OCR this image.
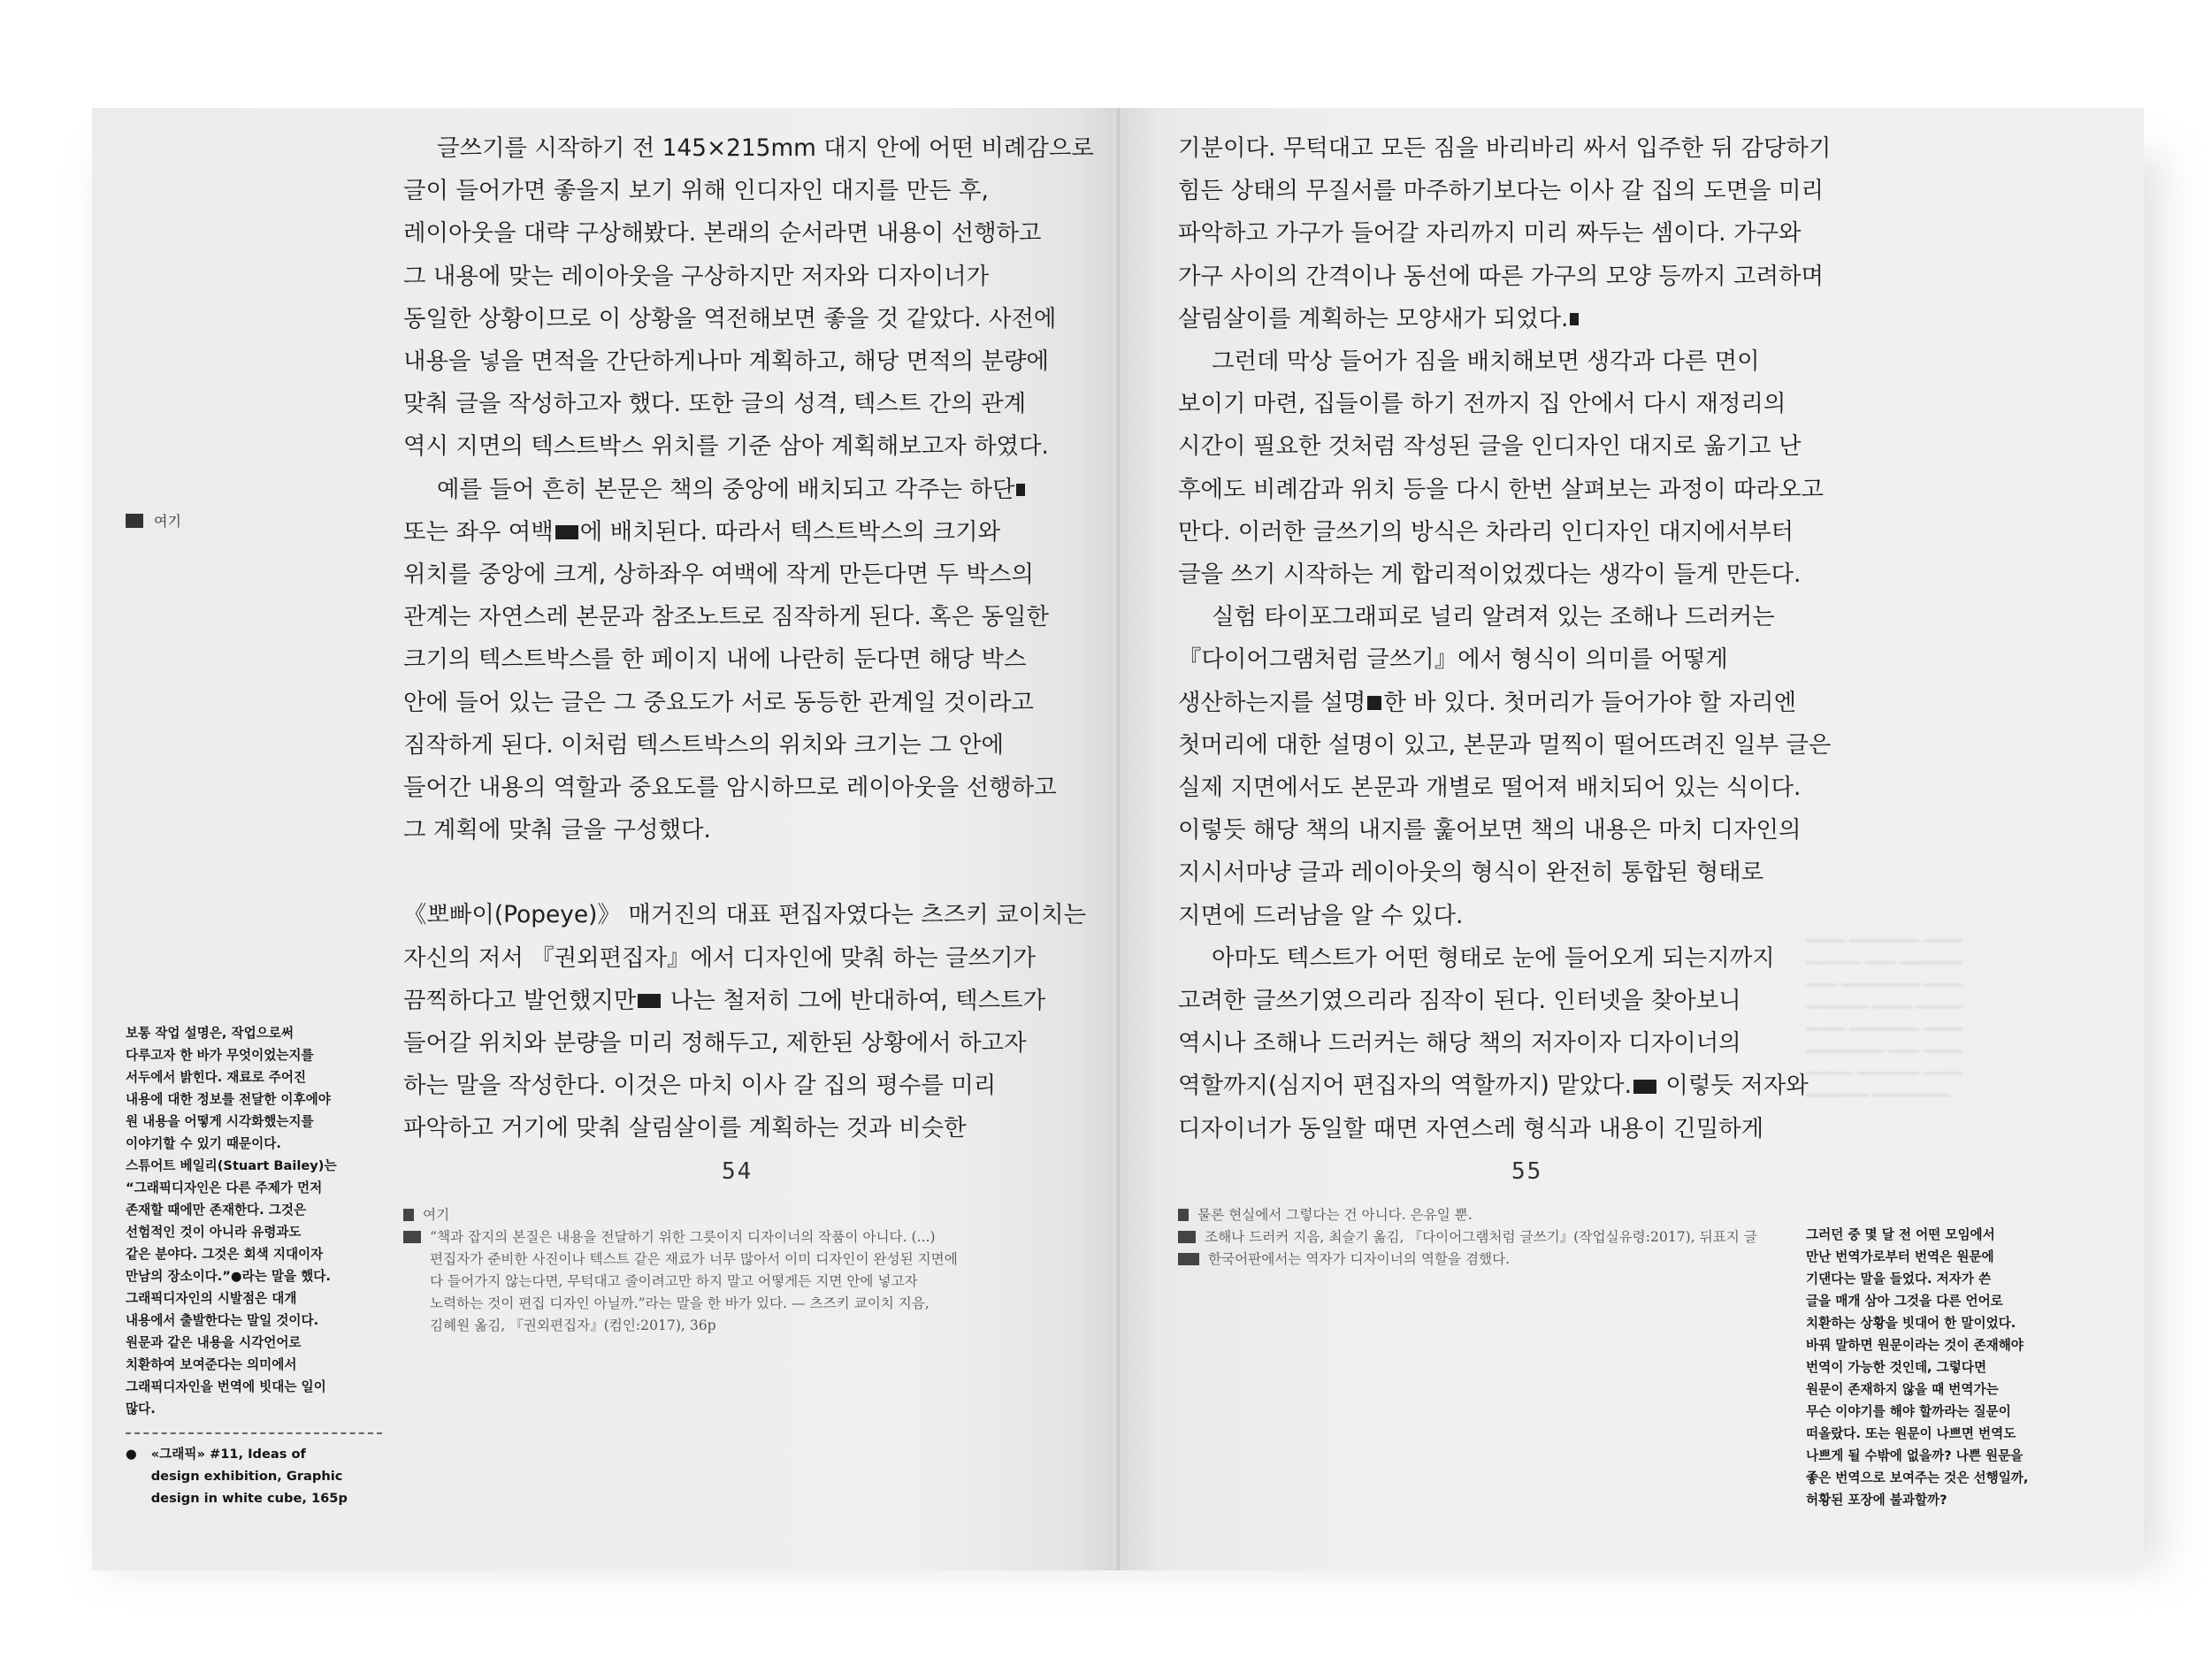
여기

글쓰기를 시작하기 전 145×215mm 대지 안에 어떤 비례감으로

글이 들어가면 좋을지 보기 위해 인디자인 대지를 만든 후,

레이아웃을 대략 구상해봤다. 본래의 순서라면 내용이 선행하고

그 내용에 맞는 레이아웃을 구상하지만 저자와 디자이너가

동일한 상황이므로 이 상황을 역전해보면 좋을 것 같았다. 사전에

내용을 넣을 면적을 간단하게나마 계획하고, 해당 면적의 분량에

맞춰 글을 작성하고자 했다. 또한 글의 성격, 텍스트 간의 관계

역시 지면의 텍스트박스 위치를 기준 삼아 계획해보고자 하였다.

예를 들어 흔히 본문은 책의 중앙에 배치되고 각주는 하단

또는 좌우 여백 에 배치된다. 따라서 텍스트박스의 크기와

위치를 중앙에 크게, 상하좌우 여백에 작게 만든다면 두 박스의

관계는 자연스레 본문과 참조노트로 짐작하게 된다. 혹은 동일한

크기의 텍스트박스를 한 페이지 내에 나란히 둔다면 해당 박스

안에 들어 있는 글은 그 중요도가 서로 동등한 관계일 것이라고

짐작하게 된다. 이처럼 텍스트박스의 위치와 크기는 그 안에

들어간 내용의 역할과 중요도를 암시하므로 레이아웃을 선행하고

그 계획에 맞춰 글을 구성했다.

《뽀빠이(Popeye)》 매거진의 대표 편집자였다는 츠즈키 쿄이치는

자신의 저서 『권외편집자』에서 디자인에 맞춰 하는 글쓰기가

끔찍하다고 발언했지만 나는 철저히 그에 반대하여, 텍스트가

들어갈 위치와 분량을 미리 정해두고, 제한된 상황에서 하고자

하는 말을 작성한다. 이것은 마치 이사 갈 집의 평수를 미리

파악하고 거기에 맞춰 살림살이를 계획하는 것과 비슷한

54
여기
“책과 잡지의 본질은 내용을 전달하기 위한 그릇이지 디자이너의 작품이 아니다. (...)
편집자가 준비한 사진이나 텍스트 같은 재료가 너무 많아서 이미 디자인이 완성된 지면에
다 들어가지 않는다면, 무턱대고 줄이려고만 하지 말고 어떻게든 지면 안에 넣고자
노력하는 것이 편집 디자인 아닐까.”라는 말을 한 바가 있다. — 츠즈키 쿄이치 지음,
김혜원 옮김, 『권외편집자』(컴인:2017), 36p

보통 작업 설명은, 작업으로써

다루고자 한 바가 무엇이었는지를

서두에서 밝힌다. 재료로 주어진

내용에 대한 정보를 전달한 이후에야

원 내용을 어떻게 시각화했는지를

이야기할 수 있기 때문이다.

스튜어트 베일리(Stuart Bailey)는

“그래픽디자인은 다른 주제가 먼저

존재할 때에만 존재한다. 그것은

선험적인 것이 아니라 유령과도

같은 분야다. 그것은 회색 지대이자

만남의 장소이다.”●라는 말을 했다.

그래픽디자인의 시발점은 대개

내용에서 출발한다는 말일 것이다.

원문과 같은 내용을 시각언어로

치환하여 보여준다는 의미에서

그래픽디자인을 번역에 빗대는 일이

많다.

● «그래픽» #11, Ideas of

design exhibition, Graphic

design in white cube, 165p

기분이다. 무턱대고 모든 짐을 바리바리 싸서 입주한 뒤 감당하기

힘든 상태의 무질서를 마주하기보다는 이사 갈 집의 도면을 미리

파악하고 가구가 들어갈 자리까지 미리 짜두는 셈이다. 가구와

가구 사이의 간격이나 동선에 따른 가구의 모양 등까지 고려하며

살림살이를 계획하는 모양새가 되었다.

그런데 막상 들어가 짐을 배치해보면 생각과 다른 면이

보이기 마련, 집들이를 하기 전까지 집 안에서 다시 재정리의

시간이 필요한 것처럼 작성된 글을 인디자인 대지로 옮기고 난

후에도 비례감과 위치 등을 다시 한번 살펴보는 과정이 따라오고

만다. 이러한 글쓰기의 방식은 차라리 인디자인 대지에서부터

글을 쓰기 시작하는 게 합리적이었겠다는 생각이 들게 만든다.

실험 타이포그래피로 널리 알려져 있는 조해나 드러커는

『다이어그램처럼 글쓰기』에서 형식이 의미를 어떻게

생산하는지를 설명 한 바 있다. 첫머리가 들어가야 할 자리엔

첫머리에 대한 설명이 있고, 본문과 멀찍이 떨어뜨려진 일부 글은

실제 지면에서도 본문과 개별로 떨어져 배치되어 있는 식이다.

이렇듯 해당 책의 내지를 훑어보면 책의 내용은 마치 디자인의

지시서마냥 글과 레이아웃의 형식이 완전히 통합된 형태로

지면에 드러남을 알 수 있다.

아마도 텍스트가 어떤 형태로 눈에 들어오게 되는지까지

고려한 글쓰기였으리라 짐작이 된다. 인터넷을 찾아보니

역시나 조해나 드러커는 해당 책의 저자이자 디자이너의

역할까지(심지어 편집자의 역할까지) 맡았다. 이렇듯 저자와

디자이너가 동일할 때면 자연스레 형식과 내용이 긴밀하게

55
물론 현실에서 그렇다는 건 아니다. 은유일 뿐.
조해나 드러커 지음, 최슬기 옮김, 『다이어그램처럼 글쓰기』(작업실유령:2017), 뒤표지 글
한국어판에서는 역자가 디자이너의 역할을 겸했다.
━━━━━ ━━━━━━━━━ ━━━━━
━━━━━━━ ━━━━ ━━━━━━━━
━━━━ ━━━━━━━━━━ ━━━━━
━━━━━━━━ ━━━━━ ━━━━━━
━━━━━ ━━━━━━━━━ ━━━━━
━━━━━━━━━━ ━━━━ ━━━━━
━━━━━━ ━━━━━━━━ ━━━━━
━━━━━━━━ ━━━━━━━━━━

그러던 중 몇 달 전 어떤 모임에서

만난 번역가로부터 번역은 원문에

기댄다는 말을 들었다. 저자가 쓴

글을 매개 삼아 그것을 다른 언어로

치환하는 상황을 빗대어 한 말이었다.

바꿔 말하면 원문이라는 것이 존재해야

번역이 가능한 것인데, 그렇다면

원문이 존재하지 않을 때 번역가는

무슨 이야기를 해야 할까라는 질문이

떠올랐다. 또는 원문이 나쁘면 번역도

나쁘게 될 수밖에 없을까? 나쁜 원문을

좋은 번역으로 보여주는 것은 선행일까,

허황된 포장에 불과할까?
